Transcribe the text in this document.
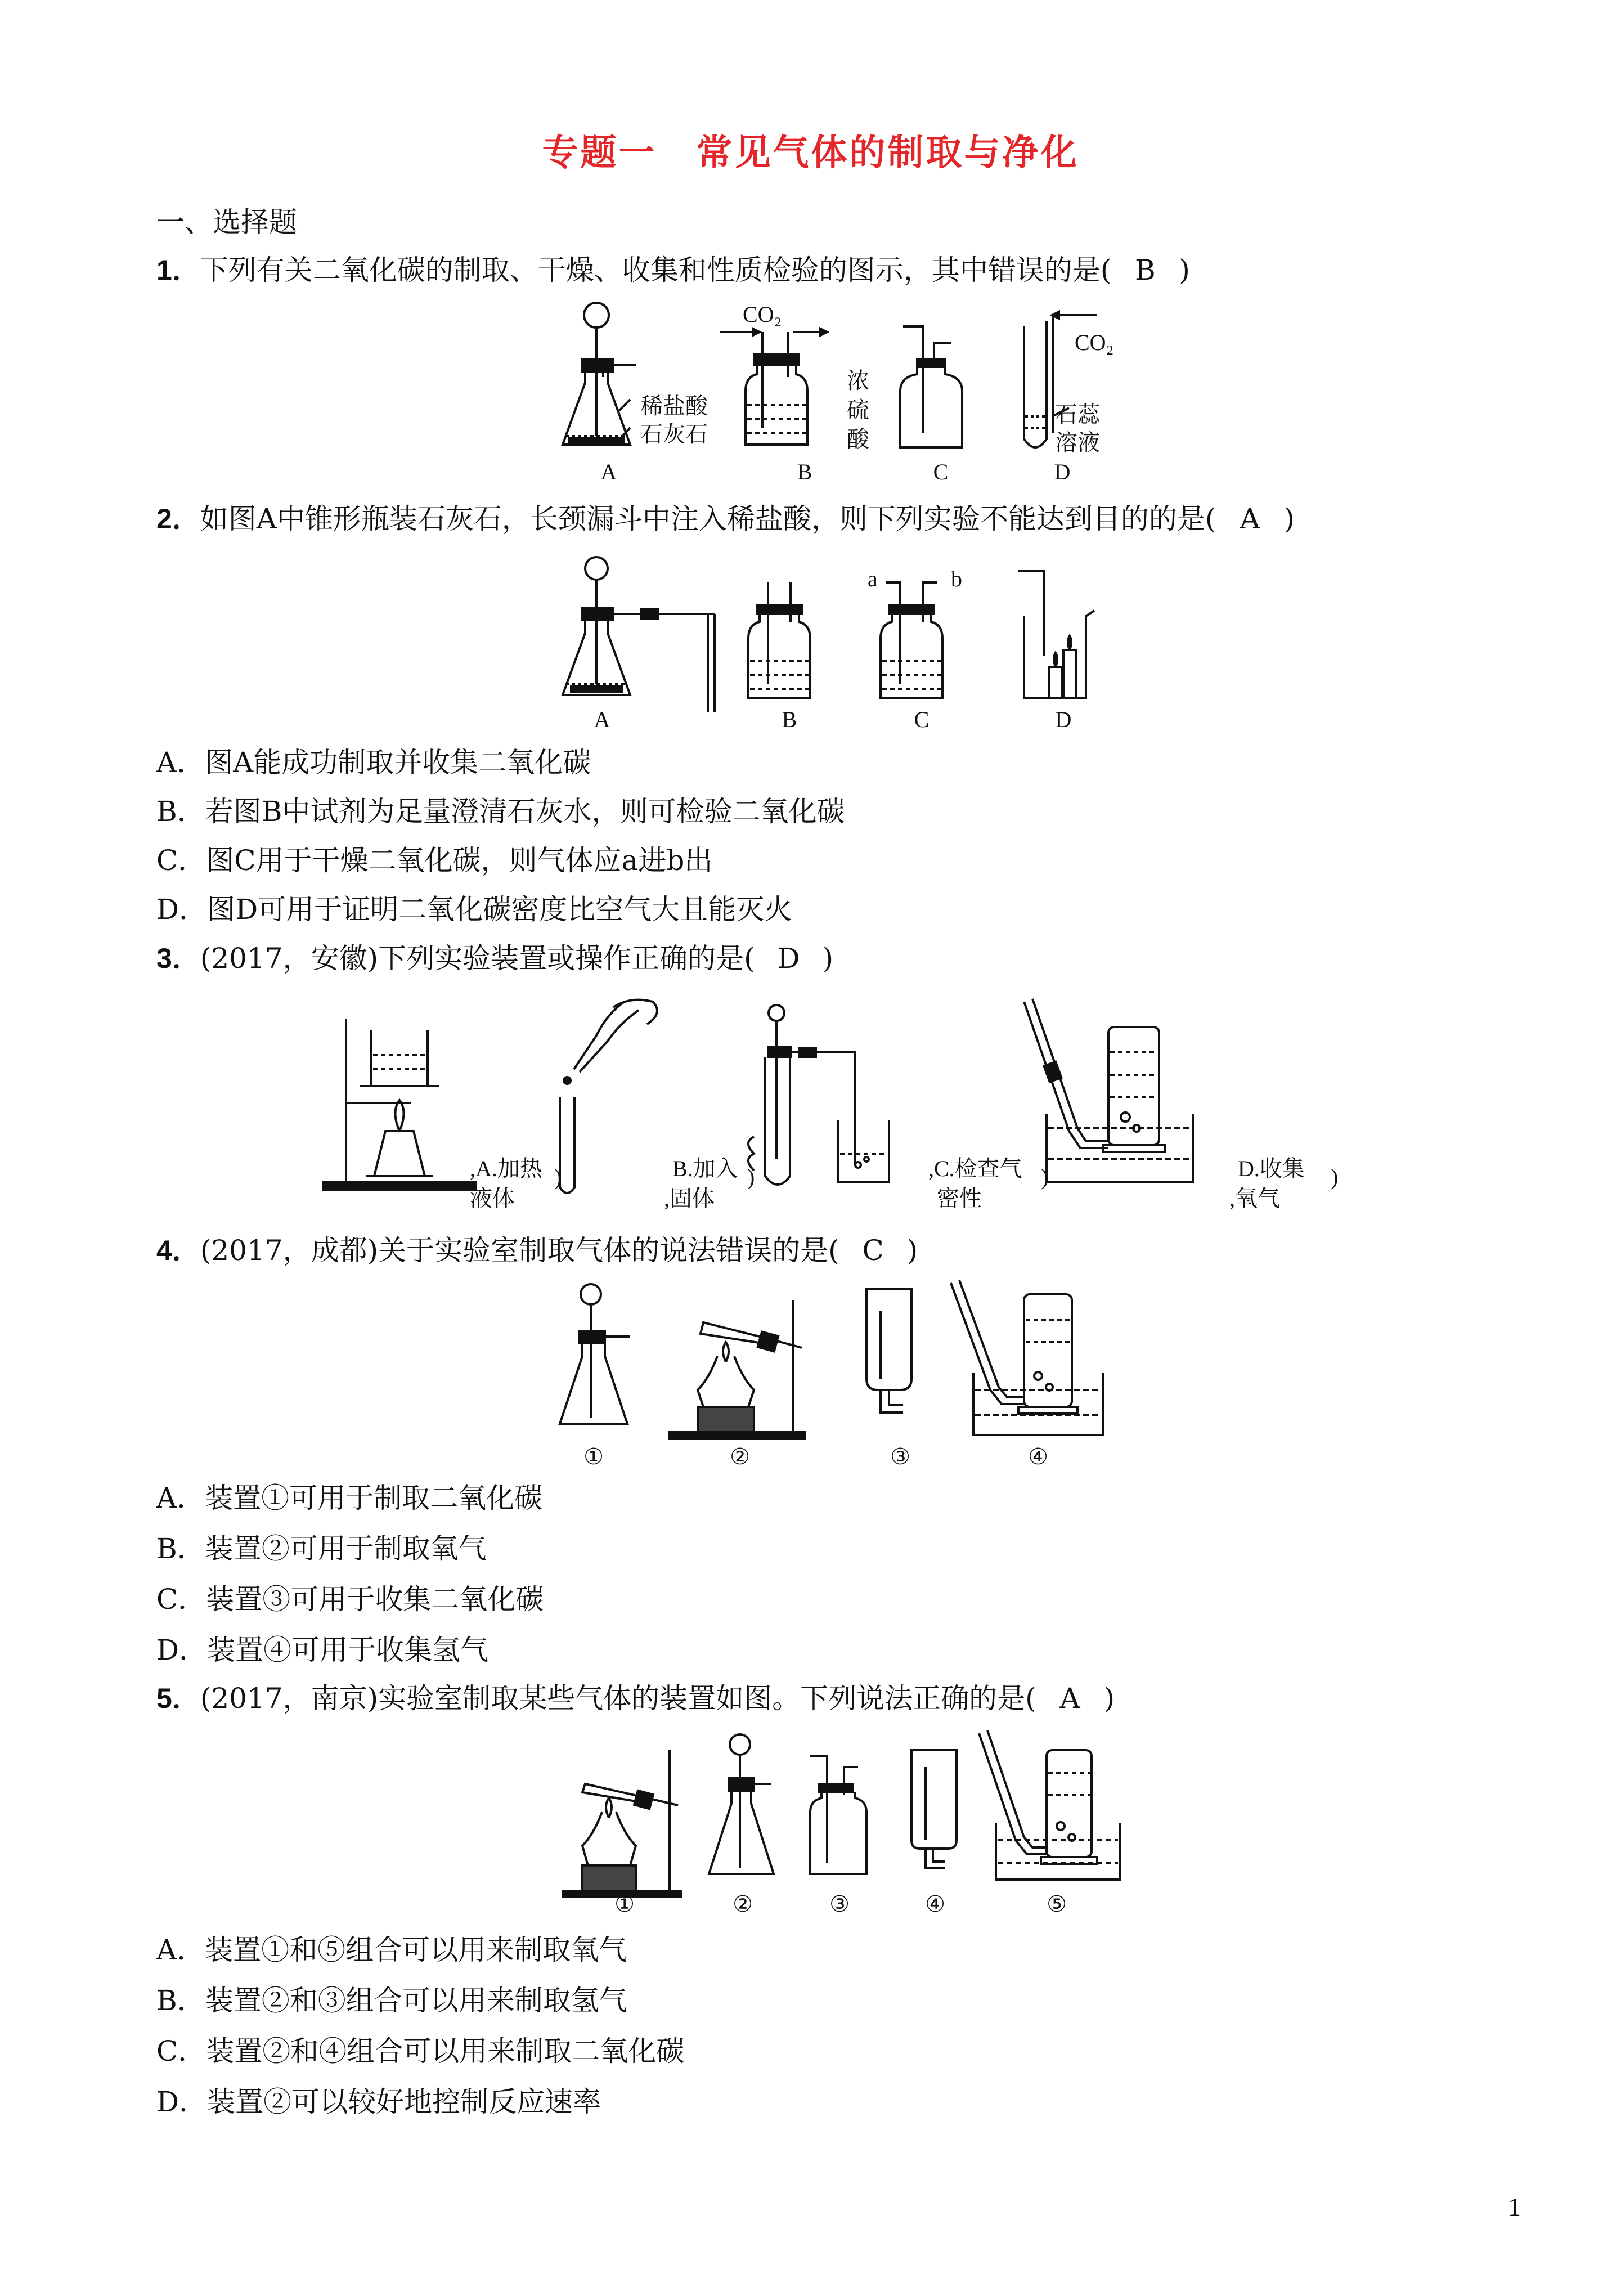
专题一 常见气体的制取与净化
一、选择题
1．下列有关二氧化碳的制取、干燥、收集和性质检验的图示，其中错误的是( B )
稀盐酸
石灰石
CO₂
浓
硫
酸
CO₂
石蕊
溶液
A	B	C	D
2．如图A中锥形瓶装石灰石，长颈漏斗中注入稀盐酸，则下列实验不能达到目的的是( A )
a	b
A	B	C	D
A．图A能成功制取并收集二氧化碳
B．若图B中试剂为足量澄清石灰水，则可检验二氧化碳
C．图C用于干燥二氧化碳，则气体应a进b出
D．图D可用于证明二氧化碳密度比空气大且能灭火
3．(2017，安徽)下列实验装置或操作正确的是( D )
,A.加热
液体
)	B.加入
,固体
)	,C.检查气
密性
)	D.收集
,氧气
)
4．(2017，成都)关于实验室制取气体的说法错误的是( C )
①	②	③	④
A．装置①可用于制取二氧化碳
B．装置②可用于制取氧气
C．装置③可用于收集二氧化碳
D．装置④可用于收集氢气
5．(2017，南京)实验室制取某些气体的装置如图。下列说法正确的是( A )
①	②	③	④	⑤
A．装置①和⑤组合可以用来制取氧气
B．装置②和③组合可以用来制取氢气
C．装置②和④组合可以用来制取二氧化碳
D．装置②可以较好地控制反应速率
1
